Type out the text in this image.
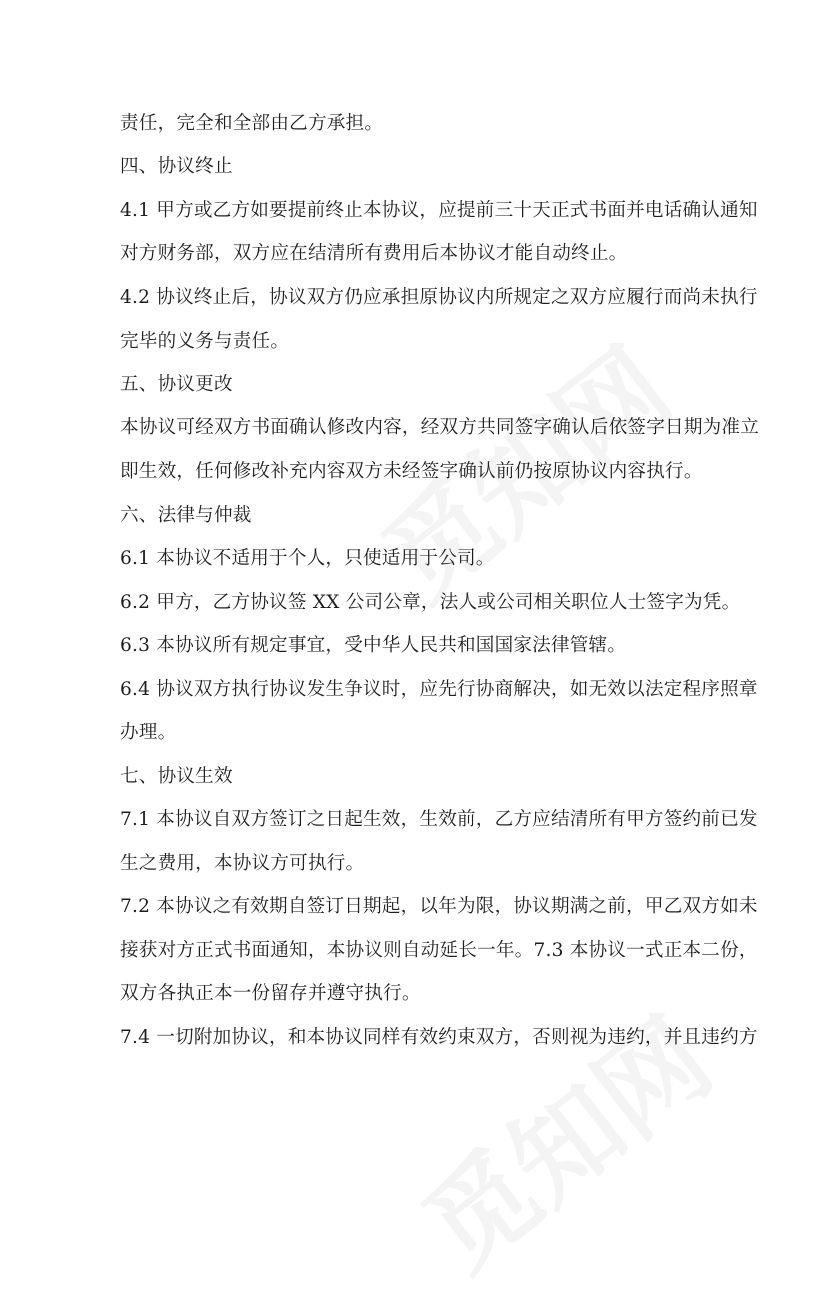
责任，完全和全部由乙方承担。
四、协议终止
4.1 甲方或乙方如要提前终止本协议，应提前三十天正式书面并电话确认通知
对方财务部，双方应在结清所有费用后本协议才能自动终止。
4.2 协议终止后，协议双方仍应承担原协议内所规定之双方应履行而尚未执行
完毕的义务与责任。
五、协议更改
本协议可经双方书面确认修改内容，经双方共同签字确认后依签字日期为准立
即生效，任何修改补充内容双方未经签字确认前仍按原协议内容执行。
六、法律与仲裁
6.1 本协议不适用于个人，只使适用于公司。
6.2 甲方，乙方协议签 XX 公司公章，法人或公司相关职位人士签字为凭。
6.3 本协议所有规定事宜，受中华人民共和国国家法律管辖。
6.4 协议双方执行协议发生争议时，应先行协商解决，如无效以法定程序照章
办理。
七、协议生效
7.1 本协议自双方签订之日起生效，生效前，乙方应结清所有甲方签约前已发
生之费用，本协议方可执行。
7.2 本协议之有效期自签订日期起，以年为限，协议期满之前，甲乙双方如未
接获对方正式书面通知，本协议则自动延长一年。7.3 本协议一式正本二份，
双方各执正本一份留存并遵守执行。
7.4 一切附加协议，和本协议同样有效约束双方，否则视为违约，并且违约方
